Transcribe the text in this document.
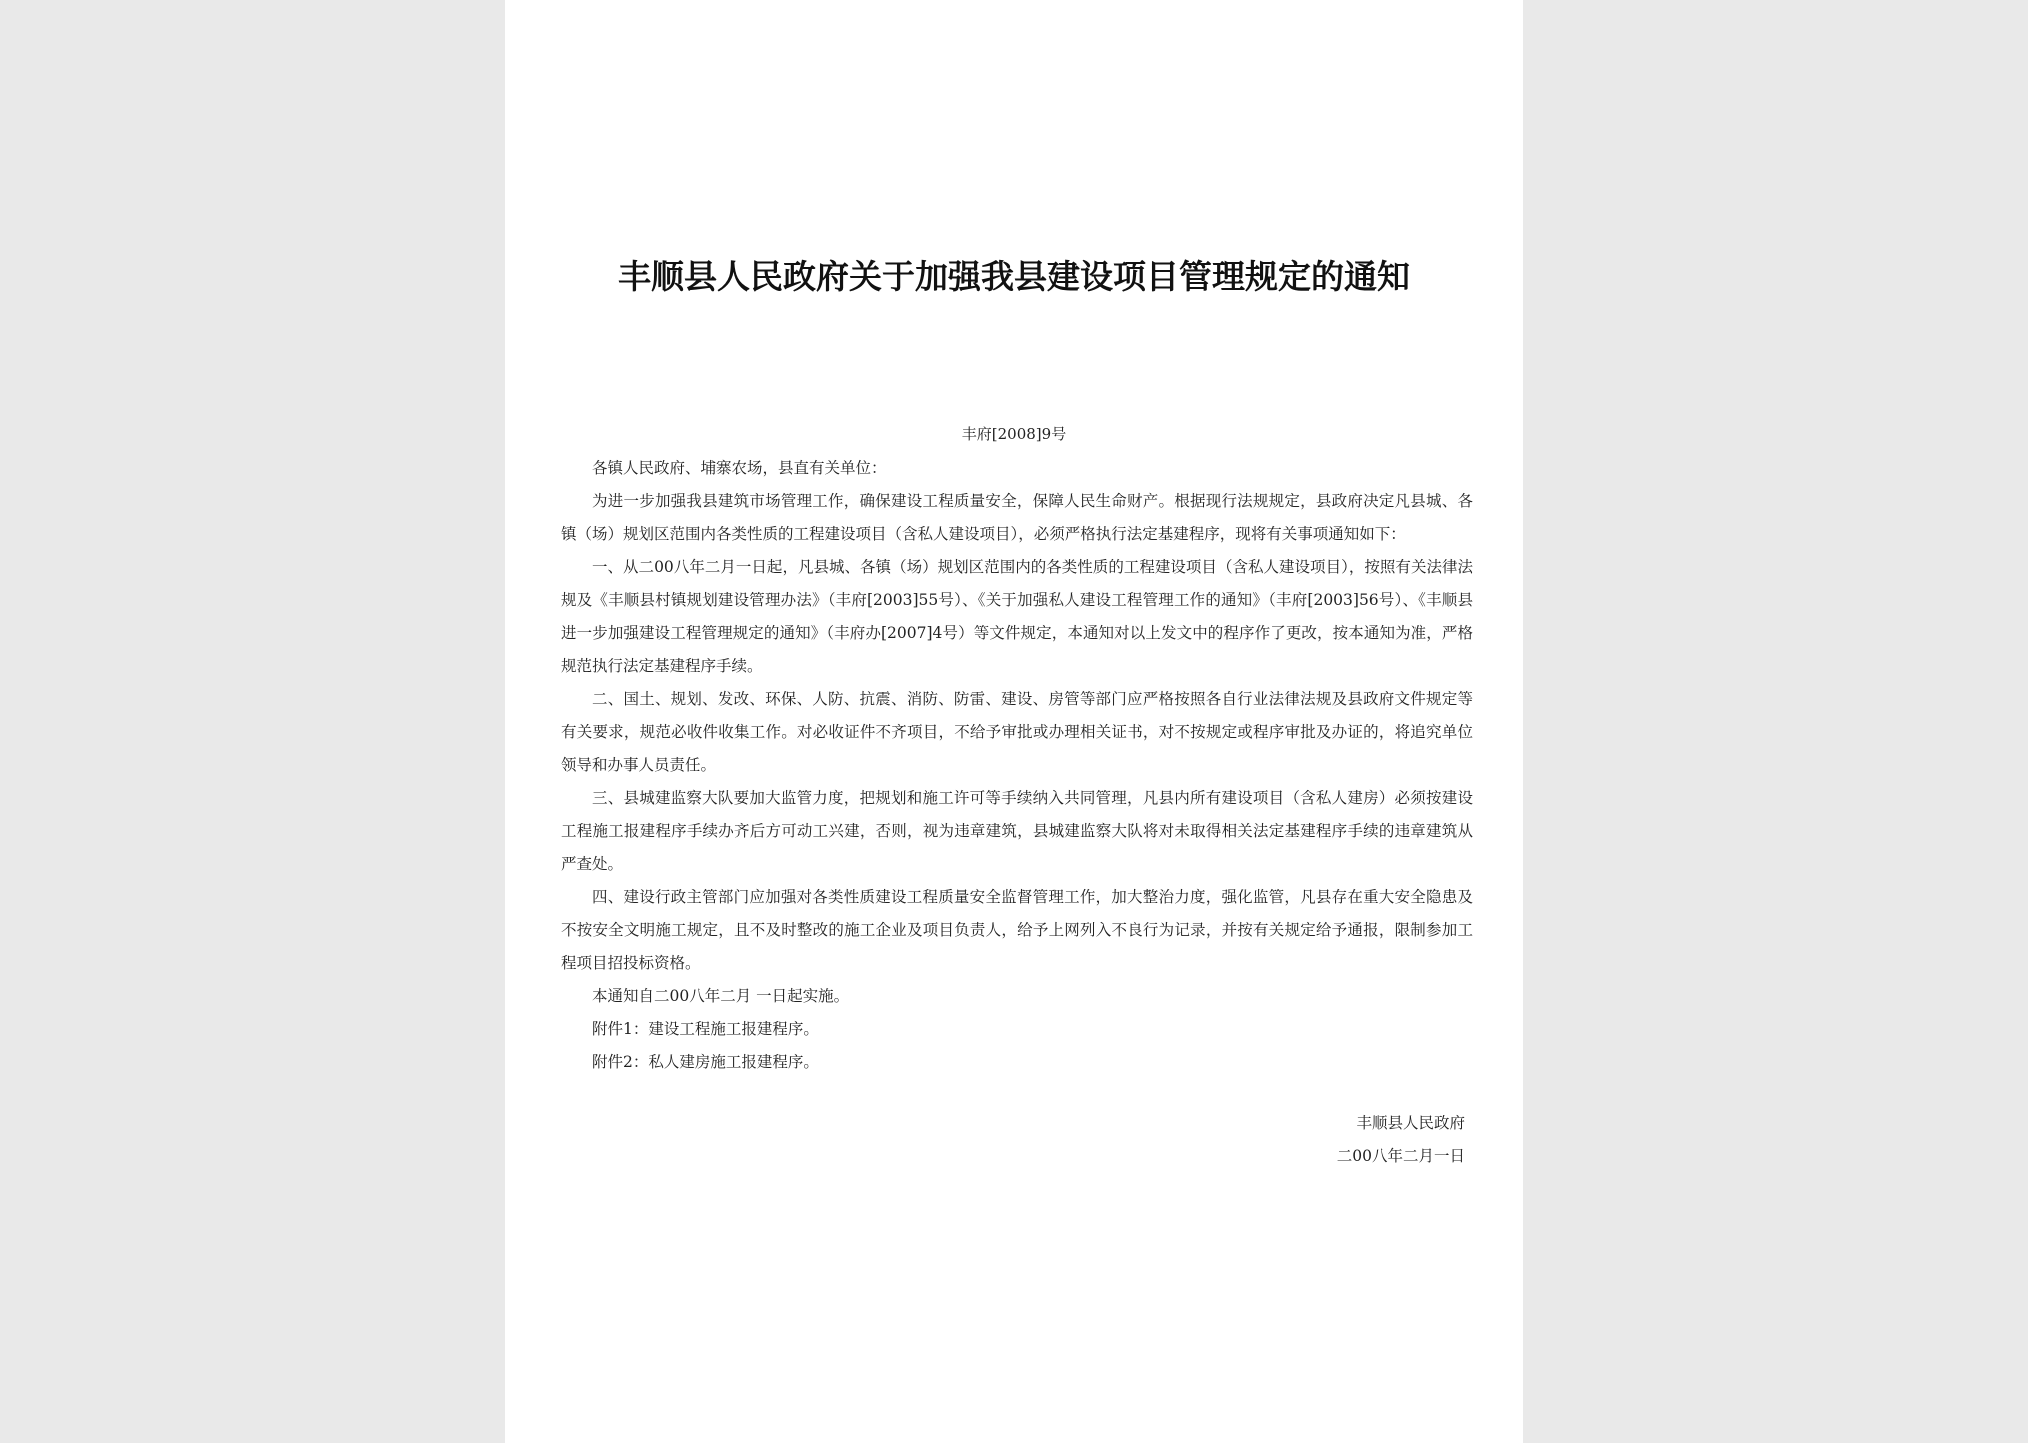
丰顺县人民政府关于加强我县建设项目管理规定的通知
丰府[2008]9号

各镇人民政府、埔寨农场，县直有关单位：

为进一步加强我县建筑市场管理工作，确保建设工程质量安全，保障人民生命财产。根据现行法规规定，县政府决定凡县城、各镇（场）规划区范围内各类性质的工程建设项目（含私人建设项目），必须严格执行法定基建程序，现将有关事项通知如下：

一、从二00八年二月一日起，凡县城、各镇（场）规划区范围内的各类性质的工程建设项目（含私人建设项目），按照有关法律法规及《丰顺县村镇规划建设管理办法》（丰府[2003]55号）、《关于加强私人建设工程管理工作的通知》（丰府[2003]56号）、《丰顺县进一步加强建设工程管理规定的通知》（丰府办[2007]4号）等文件规定，本通知对以上发文中的程序作了更改，按本通知为准，严格规范执行法定基建程序手续。

二、国土、规划、发改、环保、人防、抗震、消防、防雷、建设、房管等部门应严格按照各自行业法律法规及县政府文件规定等有关要求，规范必收件收集工作。对必收证件不齐项目，不给予审批或办理相关证书，对不按规定或程序审批及办证的，将追究单位领导和办事人员责任。

三、县城建监察大队要加大监管力度，把规划和施工许可等手续纳入共同管理，凡县内所有建设项目（含私人建房）必须按建设工程施工报建程序手续办齐后方可动工兴建，否则，视为违章建筑，县城建监察大队将对未取得相关法定基建程序手续的违章建筑从严查处。

四、建设行政主管部门应加强对各类性质建设工程质量安全监督管理工作，加大整治力度，强化监管，凡县存在重大安全隐患及不按安全文明施工规定，且不及时整改的施工企业及项目负责人，给予上网列入不良行为记录，并按有关规定给予通报，限制参加工程项目招投标资格。

本通知自二00八年二月 一日起实施。

附件1：建设工程施工报建程序。

附件2：私人建房施工报建程序。

丰顺县人民政府
二00八年二月一日
